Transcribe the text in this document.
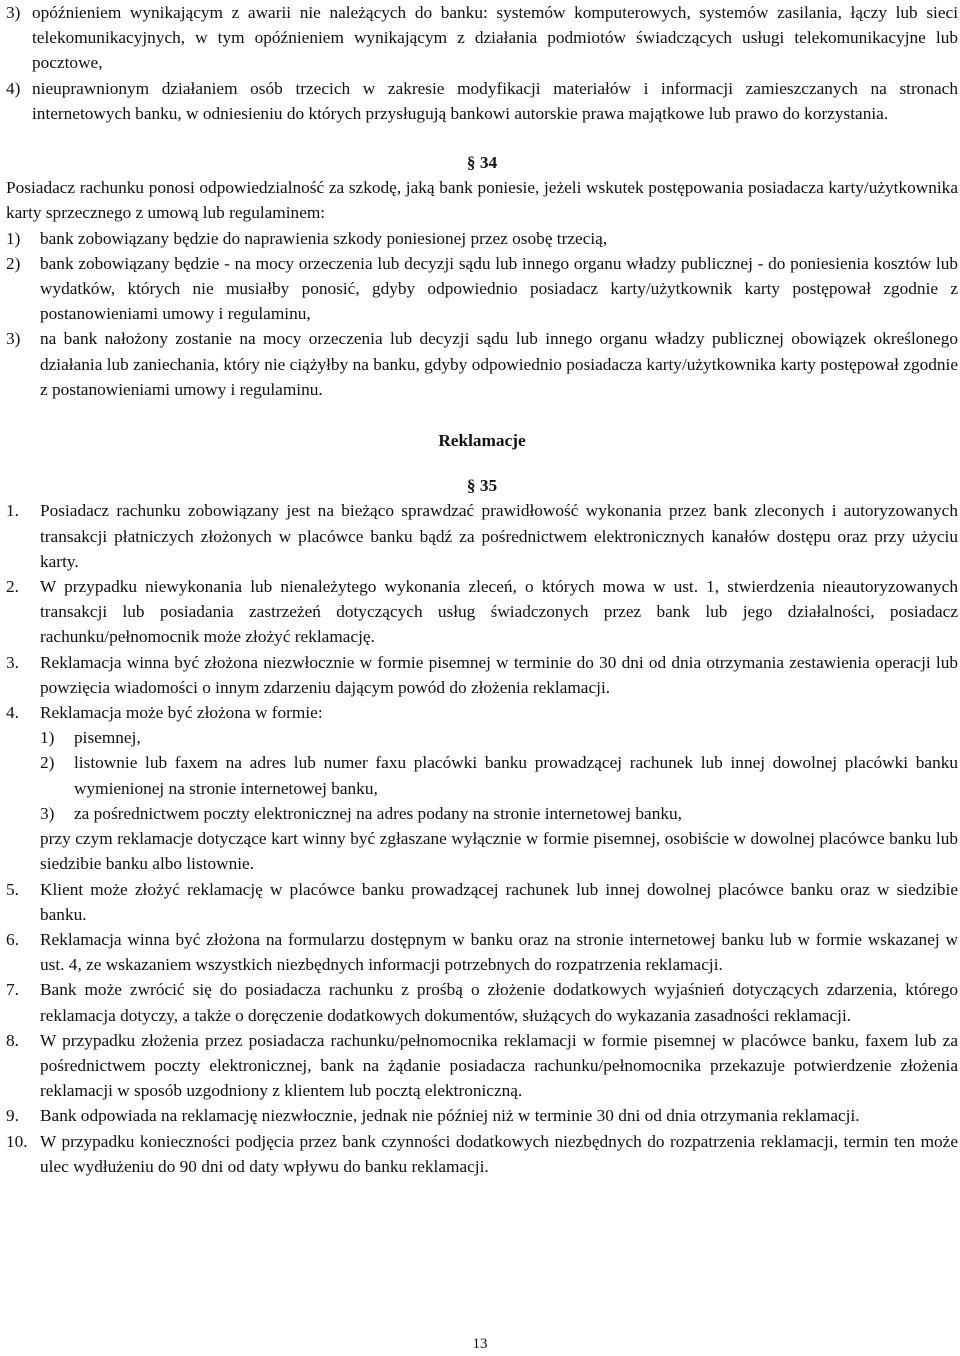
3) opóźnieniem wynikającym z awarii nie należących do banku: systemów komputerowych, systemów zasilania, łączy lub sieci telekomunikacyjnych, w tym opóźnieniem wynikającym z działania podmiotów świadczących usługi telekomunikacyjne lub pocztowe,
4) nieuprawnionym działaniem osób trzecich w zakresie modyfikacji materiałów i informacji zamieszczanych na stronach internetowych banku, w odniesieniu do których przysługują bankowi autorskie prawa majątkowe lub prawo do korzystania.
§ 34

Posiadacz rachunku ponosi odpowiedzialność za szkodę, jaką bank poniesie, jeżeli wskutek postępowania posiadacza karty/użytkownika karty sprzecznego z umową lub regulaminem:

1)	bank zobowiązany będzie do naprawienia szkody poniesionej przez osobę trzecią,
2)	bank zobowiązany będzie - na mocy orzeczenia lub decyzji sądu lub innego organu władzy publicznej - do poniesienia kosztów lub wydatków, których nie musiałby ponosić, gdyby odpowiednio posiadacz karty/użytkownik karty postępował zgodnie z postanowieniami umowy i regulaminu,
3)	na bank nałożony zostanie na mocy orzeczenia lub decyzji sądu lub innego organu władzy publicznej obowiązek określonego działania lub zaniechania, który nie ciążyłby na banku, gdyby odpowiednio posiadacza karty/użytkownika karty postępował zgodnie z postanowieniami umowy i regulaminu.
Reklamacje
§ 35
1.	Posiadacz rachunku zobowiązany jest na bieżąco sprawdzać prawidłowość wykonania przez bank zleconych i autoryzowanych transakcji płatniczych złożonych w placówce banku bądź za pośrednictwem elektronicznych kanałów dostępu oraz przy użyciu karty.
2.	W przypadku niewykonania lub nienależytego wykonania zleceń, o których mowa w ust. 1, stwierdzenia nieautoryzowanych transakcji lub posiadania zastrzeżeń dotyczących usług świadczonych przez bank lub jego działalności, posiadacz rachunku/pełnomocnik może złożyć reklamację.
3.	Reklamacja winna być złożona niezwłocznie w formie pisemnej w terminie do 30 dni od dnia otrzymania zestawienia operacji lub powzięcia wiadomości o innym zdarzeniu dającym powód do złożenia reklamacji.
4.	Reklamacja może być złożona w formie:
1)	pisemnej,
2)	listownie lub faxem na adres lub numer faxu placówki banku prowadzącej rachunek lub innej dowolnej placówki banku wymienionej na stronie internetowej banku,
3)	za pośrednictwem poczty elektronicznej na adres podany na stronie internetowej banku,

przy czym reklamacje dotyczące kart winny być zgłaszane wyłącznie w formie pisemnej, osobiście w dowolnej placówce banku lub siedzibie banku albo listownie.

5.	Klient może złożyć reklamację w placówce banku prowadzącej rachunek lub innej dowolnej placówce banku oraz w siedzibie banku.
6.	Reklamacja winna być złożona na formularzu dostępnym w banku oraz na stronie internetowej banku lub w formie wskazanej w ust. 4, ze wskazaniem wszystkich niezbędnych informacji potrzebnych do rozpatrzenia reklamacji.
7.	Bank może zwrócić się do posiadacza rachunku z prośbą o złożenie dodatkowych wyjaśnień dotyczących zdarzenia, którego reklamacja dotyczy, a także o doręczenie dodatkowych dokumentów, służących do wykazania zasadności reklamacji.
8.	W przypadku złożenia przez posiadacza rachunku/pełnomocnika reklamacji w formie pisemnej w placówce banku, faxem lub za pośrednictwem poczty elektronicznej, bank na żądanie posiadacza rachunku/pełnomocnika przekazuje potwierdzenie złożenia reklamacji w sposób uzgodniony z klientem lub pocztą elektroniczną.
9.	Bank odpowiada na reklamację niezwłocznie, jednak nie później niż w terminie 30 dni od dnia otrzymania reklamacji.
10. W przypadku konieczności podjęcia przez bank czynności dodatkowych niezbędnych do rozpatrzenia reklamacji, termin ten może ulec wydłużeniu do 90 dni od daty wpływu do banku reklamacji.
13
